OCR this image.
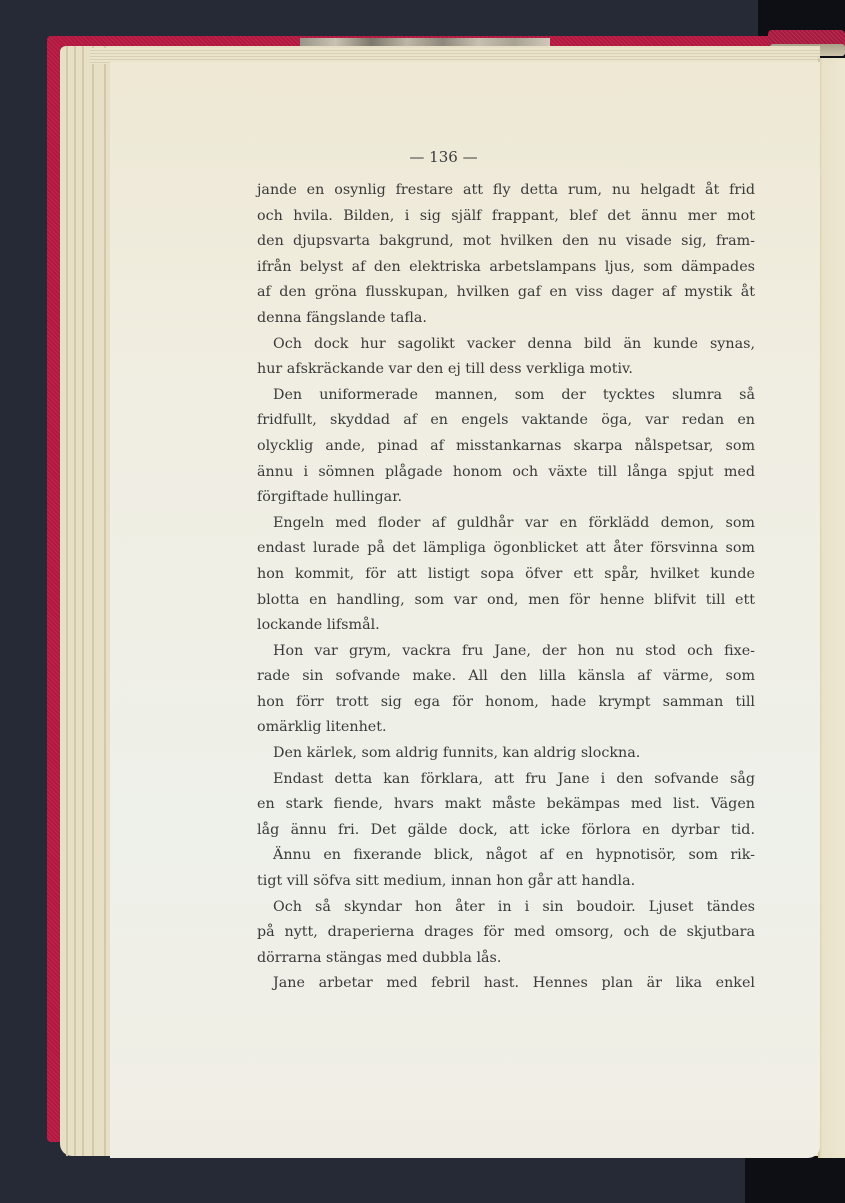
— 136 —
jande en osynlig frestare att fly detta rum, nu helgadt åt frid
och hvila. Bilden, i sig själf frappant, blef det ännu mer mot
den djupsvarta bakgrund, mot hvilken den nu visade sig, fram-
ifrån belyst af den elektriska arbetslampans ljus, som dämpades
af den gröna flusskupan, hvilken gaf en viss dager af mystik åt
denna fängslande tafla.
Och dock hur sagolikt vacker denna bild än kunde synas,
hur afskräckande var den ej till dess verkliga motiv.
Den uniformerade mannen, som der tycktes slumra så
fridfullt, skyddad af en engels vaktande öga, var redan en
olycklig ande, pinad af misstankarnas skarpa nålspetsar, som
ännu i sömnen plågade honom och växte till långa spjut med
förgiftade hullingar.
Engeln med floder af guldhår var en förklädd demon, som
endast lurade på det lämpliga ögonblicket att åter försvinna som
hon kommit, för att listigt sopa öfver ett spår, hvilket kunde
blotta en handling, som var ond, men för henne blifvit till ett
lockande lifsmål.
Hon var grym, vackra fru Jane, der hon nu stod och fixe-
rade sin sofvande make. All den lilla känsla af värme, som
hon förr trott sig ega för honom, hade krympt samman till
omärklig litenhet.
Den kärlek, som aldrig funnits, kan aldrig slockna.
Endast detta kan förklara, att fru Jane i den sofvande såg
en stark fiende, hvars makt måste bekämpas med list. Vägen
låg ännu fri. Det gälde dock, att icke förlora en dyrbar tid.
Ännu en fixerande blick, något af en hypnotisör, som rik-
tigt vill söfva sitt medium, innan hon går att handla.
Och så skyndar hon åter in i sin boudoir. Ljuset tändes
på nytt, draperierna drages för med omsorg, och de skjutbara
dörrarna stängas med dubbla lås.
Jane arbetar med febril hast. Hennes plan är lika enkel
